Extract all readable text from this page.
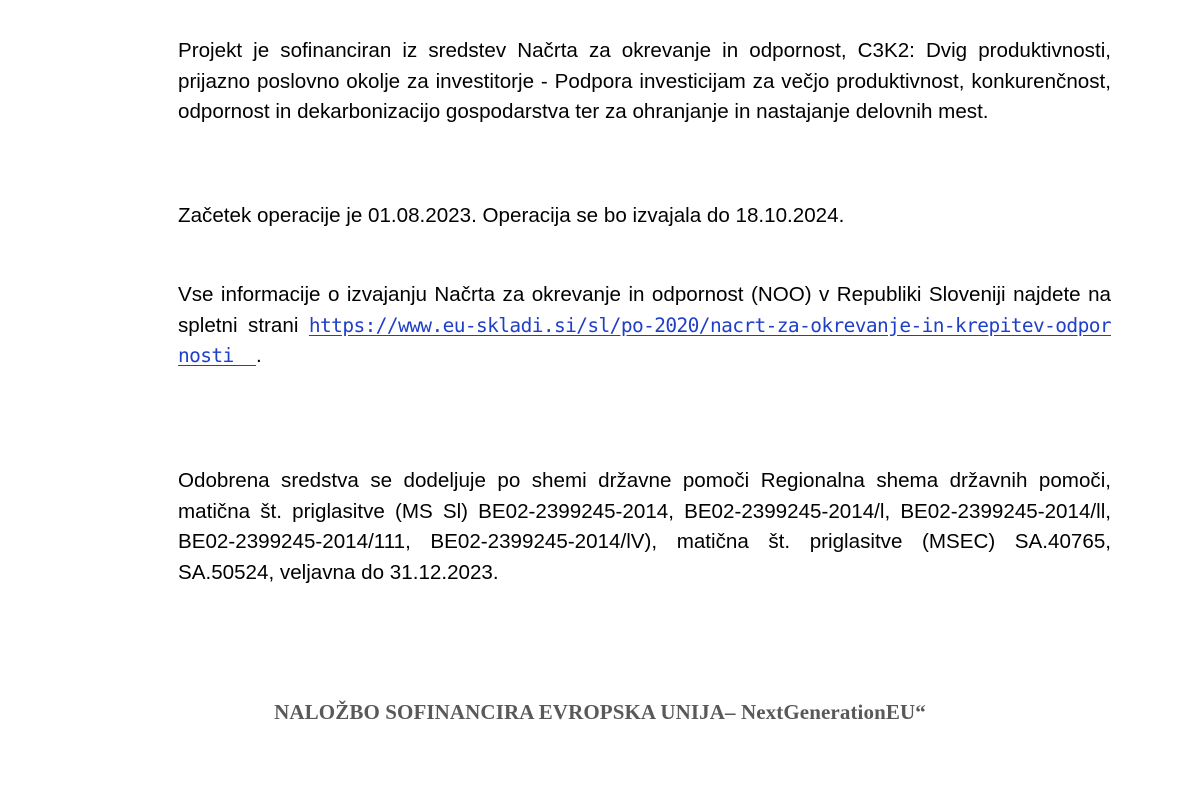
Projekt je sofinanciran iz sredstev Načrta za okrevanje in odpornost, C3K2: Dvig produktivnosti, prijazno poslovno okolje za investitorje - Podpora investicijam za večjo produktivnost, konkurenčnost, odpornost in dekarbonizacijo gospodarstva ter za ohranjanje in nastajanje delovnih mest.

Začetek operacije je 01.08.2023. Operacija se bo izvajala do 18.10.2024.

Vse informacije o izvajanju Načrta za okrevanje in odpornost (NOO) v Republiki Sloveniji najdete na spletni strani https://www.eu-skladi.si/sl/po-2020/nacrt-za-okrevanje-in-krepitev-odpornosti  .

Odobrena sredstva se dodeljuje po shemi državne pomoči Regionalna shema državnih pomoči, matična št. priglasitve (MS Sl) BE02-2399245-2014, BE02-2399245-2014/l, BE02-2399245-2014/ll, BE02-2399245-2014/111, BE02-2399245-2014/lV), matična št. priglasitve (MSEC) SA.40765, SA.50524, veljavna do 31.12.2023.

NALOŽBO SOFINANCIRA EVROPSKA UNIJA– NextGenerationEU“
